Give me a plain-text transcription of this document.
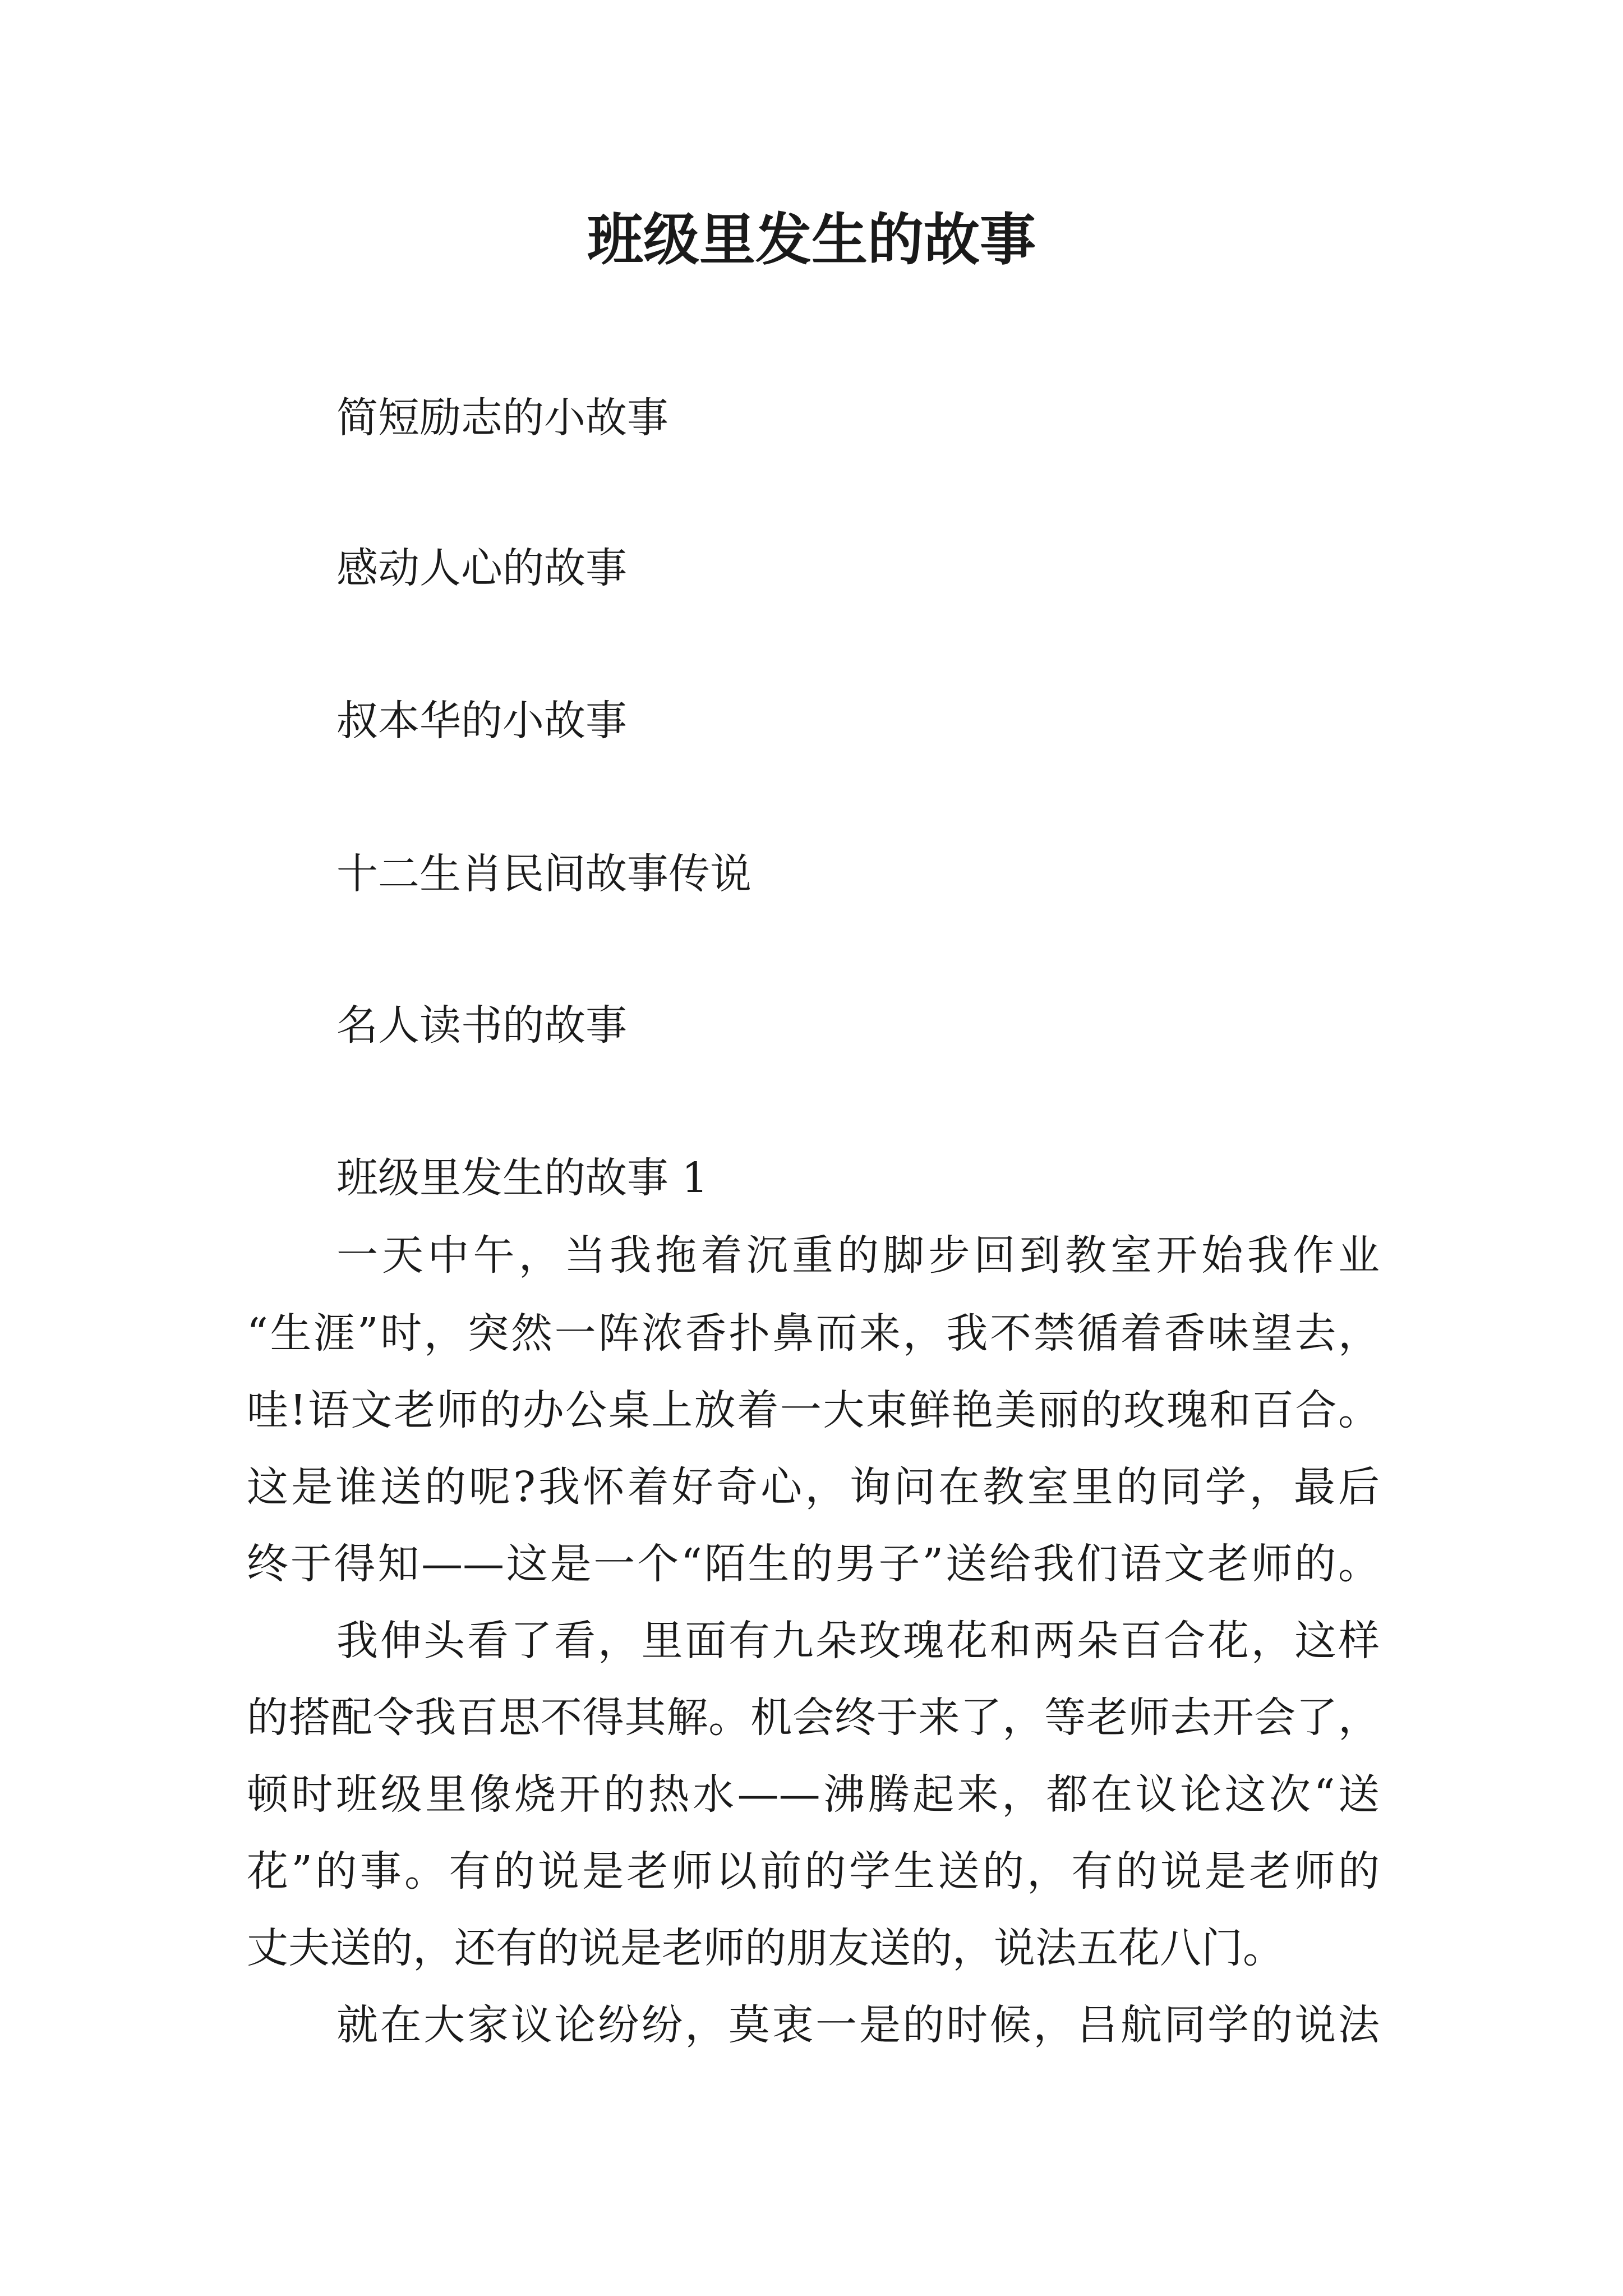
班级里发生的故事
简短励志的小故事
感动人心的故事
叔本华的小故事
十二生肖民间故事传说
名人读书的故事
班级里发生的故事 1
一天中午，当我拖着沉重的脚步回到教室开始我作业
“生涯”时，突然一阵浓香扑鼻而来，我不禁循着香味望去，
哇!语文老师的办公桌上放着一大束鲜艳美丽的玫瑰和百合。
这是谁送的呢?我怀着好奇心，询问在教室里的同学，最后
终于得知——这是一个“陌生的男子”送给我们语文老师的。
我伸头看了看，里面有九朵玫瑰花和两朵百合花，这样
的搭配令我百思不得其解。机会终于来了，等老师去开会了，
顿时班级里像烧开的热水——沸腾起来，都在议论这次“送
花”的事。有的说是老师以前的学生送的，有的说是老师的
丈夫送的，还有的说是老师的朋友送的，说法五花八门。
就在大家议论纷纷，莫衷一是的时候，吕航同学的说法
